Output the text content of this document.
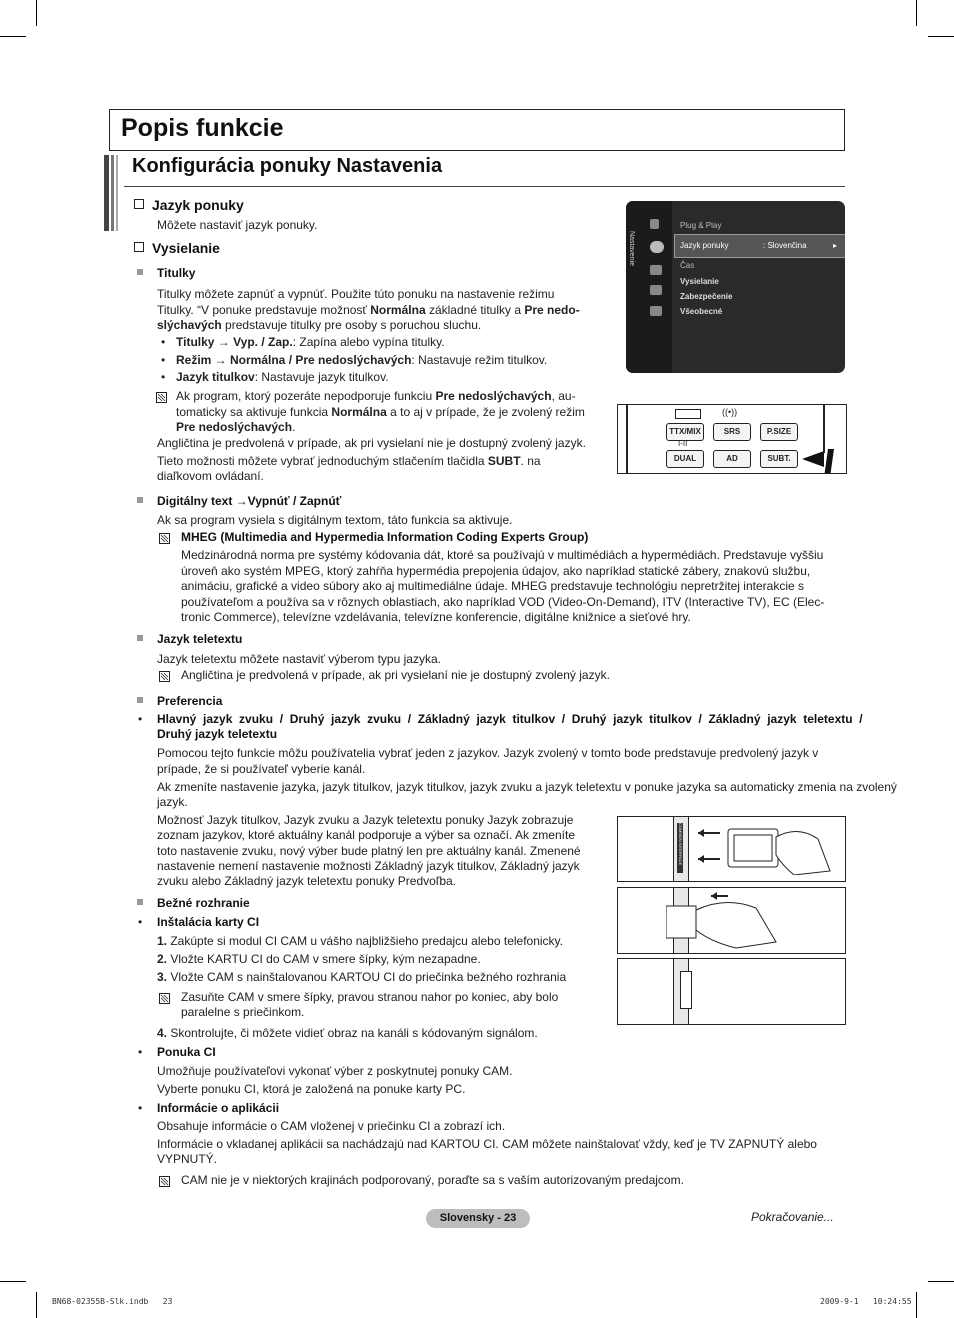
Popis funkcie
Konfigurácia ponuky Nastavenia
Jazyk ponuky
Môžete nastaviť jazyk ponuky.
Vysielanie
Titulky
Titulky môžete zapnúť a vypnúť. Použite túto ponuku na nastavenie režimu
Titulky. “V ponuke predstavuje možnosť Normálna základné titulky a Pre nedo-
slýchavých predstavuje titulky pre osoby s poruchou sluchu.
• Titulky → Vyp. / Zap.: Zapína alebo vypína titulky.
• Režim → Normálna / Pre nedoslýchavých: Nastavuje režim titulkov.
• Jazyk titulkov: Nastavuje jazyk titulkov.
Ak program, ktorý pozeráte nepodporuje funkciu Pre nedoslýchavých, au-
tomaticky sa aktivuje funkcia Normálna a to aj v prípade, že je zvolený režim
Pre nedoslýchavých.
Angličtina je predvolená v prípade, ak pri vysielaní nie je dostupný zvolený jazyk.
Tieto možnosti môžete vybrať jednoduchým stlačením tlačidla SUBT. na
diaľkovom ovládaní.
Nastavenie
Plug & Play
Jazyk ponuky	: Slovenčina	▸
Čas
Vysielanie
Zabezpečenie
Všeobecné
((•))
TTX/MIX	SRS	P.SIZE
I-II
DUAL	AD	SUBT.
Digitálny text →Vypnúť / Zapnúť
Ak sa program vysiela s digitálnym textom, táto funkcia sa aktivuje.
MHEG (Multimedia and Hypermedia Information Coding Experts Group)
Medzinárodná norma pre systémy kódovania dát, ktoré sa používajú v multimédiách a hypermédiách. Predstavuje vyššiu
úroveň ako systém MPEG, ktorý zahŕňa hypermédia prepojenia údajov, ako napríklad statické zábery, znakovú službu,
animáciu, grafické a video súbory ako aj multimediálne údaje. MHEG predstavuje technológiu nepretržitej interakcie s
používateľom a používa sa v rôznych oblastiach, ako napríklad VOD (Video-On-Demand), ITV (Interactive TV), EC (Elec-
tronic Commerce), televízne vzdelávania, televízne konferencie, digitálne knižnice a sieťové hry.
Jazyk teletextu
Jazyk teletextu môžete nastaviť výberom typu jazyka.
Angličtina je predvolená v prípade, ak pri vysielaní nie je dostupný zvolený jazyk.
Preferencia
• Hlavný  jazyk  zvuku  /  Druhý  jazyk  zvuku  /  Základný  jazyk  titulkov  /  Druhý  jazyk  titulkov  /  Základný  jazyk  teletextu  /
Druhý jazyk teletextu
Pomocou tejto funkcie môžu používatelia vybrať jeden z jazykov. Jazyk zvolený v tomto bode predstavuje predvolený jazyk v
prípade, že si používateľ vyberie kanál.
Ak zmeníte nastavenie jazyka, jazyk titulkov, jazyk titulkov, jazyk zvuku a jazyk teletextu v ponuke jazyka sa automaticky zmenia na zvolený
jazyk.
Možnosť Jazyk titulkov, Jazyk zvuku a Jazyk teletextu ponuky Jazyk zobrazuje
zoznam jazykov, ktoré aktuálny kanál podporuje a výber sa označí. Ak zmeníte
toto nastavenie zvuku, nový výber bude platný len pre aktuálny kanál. Zmenené
nastavenie nemení nastavenie možnosti Základný jazyk titulkov, Základný jazyk
zvuku alebo Základný jazyk teletextu ponuky Predvoľba.
COMMON INTERFACE
Bežné rozhranie
• Inštalácia karty CI
1. Zakúpte si modul CI CAM u vášho najbližšieho predajcu alebo telefonicky.
2. Vložte KARTU CI do CAM v smere šípky, kým nezapadne.
3. Vložte CAM s nainštalovanou KARTOU CI do priečinka bežného rozhrania
Zasuňte CAM v smere šípky, pravou stranou nahor po koniec, aby bolo
paralelne s priečinkom.
4. Skontrolujte, či môžete vidieť obraz na kanáli s kódovaným signálom.
• Ponuka CI
Umožňuje používateľovi vykonať výber z poskytnutej ponuky CAM.
Vyberte ponuku CI, ktorá je založená na ponuke karty PC.
• Informácie o aplikácii
Obsahuje informácie o CAM vloženej v priečinku CI a zobrazí ich.
Informácie o vkladanej aplikácii sa nachádzajú nad KARTOU CI. CAM môžete nainštalovať vždy, keď je TV ZAPNUTÝ alebo
VYPNUTÝ.
CAM nie je v niektorých krajinách podporovaný, poraďte sa s vaším autorizovaným predajcom.
Slovensky - 23	Pokračovanie...
BN68-02355B-Slk.indb   23	2009-9-1   10:24:55
